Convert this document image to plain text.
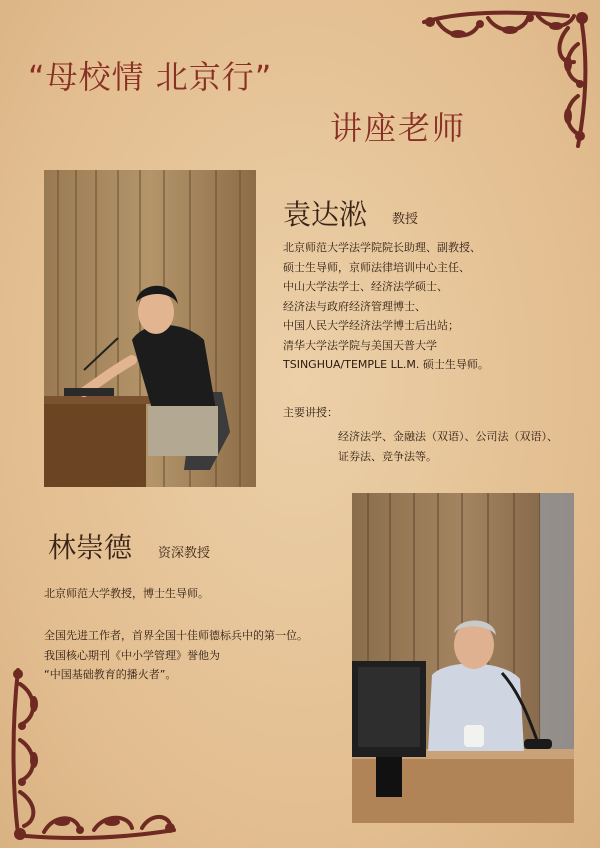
“母校情 北京行”
讲座老师
袁达淞 教授
北京师范大学法学院院长助理、副教授、
硕士生导师，京师法律培训中心主任、
中山大学法学士、经济法学硕士、
经济法与政府经济管理博士、
中国人民大学经济法学博士后出站；
清华大学法学院与美国天普大学
TSINGHUA/TEMPLE LL.M. 硕士生导师。
主要讲授：
经济法学、金融法（双语）、公司法（双语）、
证券法、竞争法等。
林崇德 资深教授
北京师范大学教授，博士生导师。
全国先进工作者，首界全国十佳师德标兵中的第一位。
我国核心期刊《中小学管理》誉他为
“中国基础教育的播火者”。
